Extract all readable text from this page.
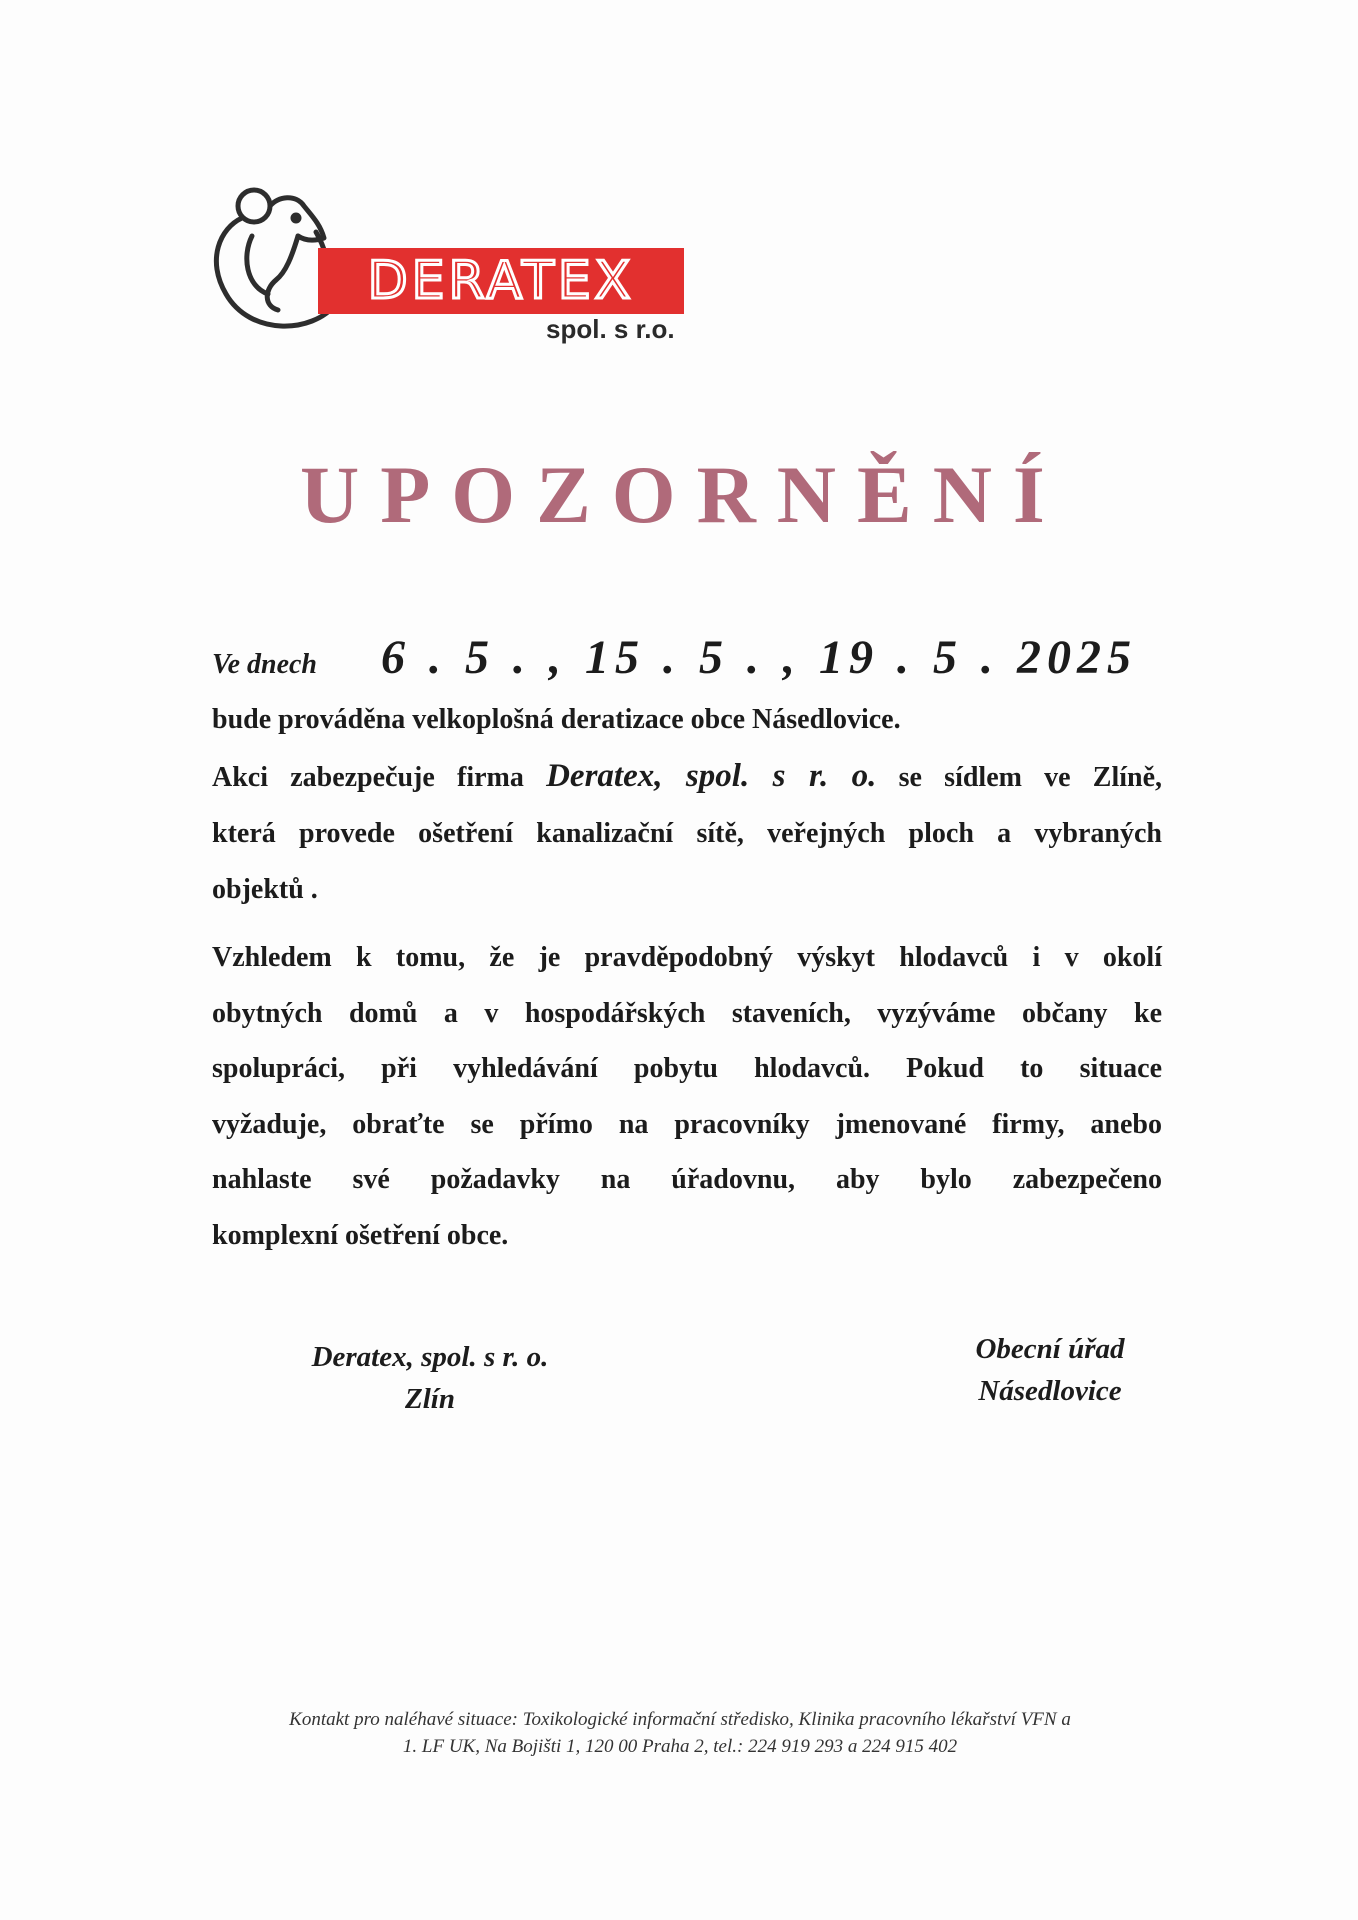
DERATEX
spol. s r.o.
UPOZORNĚNÍ
Ve dnech 6 . 5 . , 15 . 5 . , 19 . 5 . 2025
bude prováděna velkoplošná deratizace obce Násedlovice.
Akci zabezpečuje firma Deratex, spol. s r. o. se sídlem ve Zlíně,
která provede ošetření kanalizační sítě, veřejných ploch a vybraných
objektů .
Vzhledem k tomu, že je pravděpodobný výskyt hlodavců i v okolí
obytných domů a v hospodářských staveních, vyzýváme občany ke
spolupráci, při vyhledávání pobytu hlodavců. Pokud to situace
vyžaduje, obraťte se přímo na pracovníky jmenované firmy, anebo
nahlaste své požadavky na úřadovnu, aby bylo zabezpečeno
komplexní ošetření obce.
Deratex, spol. s r. o.
Zlín
Obecní úřad
Násedlovice
Kontakt pro naléhavé situace: Toxikologické informační středisko, Klinika pracovního lékařství VFN a
1. LF UK, Na Bojišti 1, 120 00 Praha 2, tel.: 224 919 293 a 224 915 402
